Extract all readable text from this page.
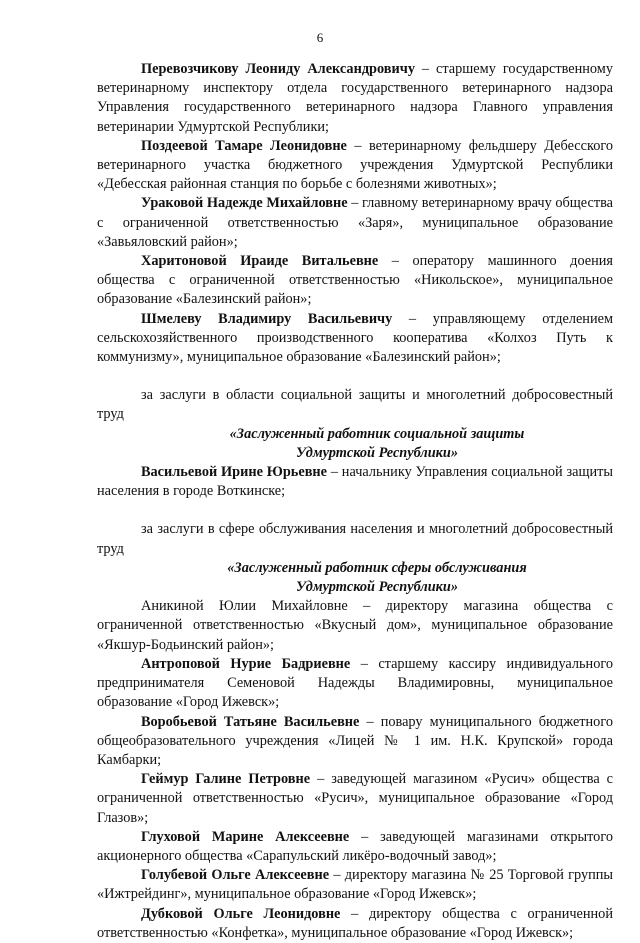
6

Перевозчикову Леониду Александровичу – старшему государственному ветеринарному инспектору отдела государственного ветеринарного надзора Управления государственного ветеринарного надзора Главного управления ветеринарии Удмуртской Республики;

Поздеевой Тамаре Леонидовне – ветеринарному фельдшеру Дебесского ветеринарного участка бюджетного учреждения Удмуртской Республики «Дебесская районная станция по борьбе с болезнями животных»;

Ураковой Надежде Михайловне – главному ветеринарному врачу общества с ограниченной ответственностью «Заря», муниципальное образование «Завьяловский район»;

Харитоновой Ираиде Витальевне – оператору машинного доения общества с ограниченной ответственностью «Никольское», муниципальное образование «Балезинский район»;

Шмелеву Владимиру Васильевичу – управляющему отделением сельскохозяйственного производственного кооператива «Колхоз Путь к коммунизму», муниципальное образование «Балезинский район»;

за заслуги в области социальной защиты и многолетний добросовестный труд

«Заслуженный работник социальной защиты
Удмуртской Республики»

Васильевой Ирине Юрьевне – начальнику Управления социальной защиты населения в городе Воткинске;

за заслуги в сфере обслуживания населения и многолетний добросовестный труд

«Заслуженный работник сферы обслуживания
Удмуртской Республики»

Аникиной Юлии Михайловне – директору магазина общества с ограниченной ответственностью «Вкусный дом», муниципальное образование «Якшур-Бодьинский район»;

Антроповой Нурие Бадриевне – старшему кассиру индивидуального предпринимателя Семеновой Надежды Владимировны, муниципальное образование «Город Ижевск»;

Воробьевой Татьяне Васильевне – повару муниципального бюджетного общеобразовательного учреждения «Лицей № 1 им. Н.К. Крупской» города Камбарки;

Геймур Галине Петровне – заведующей магазином «Русич» общества с ограниченной ответственностью «Русич», муниципальное образование «Город Глазов»;

Глуховой Марине Алексеевне – заведующей магазинами открытого акционерного общества «Сарапульский ликёро-водочный завод»;

Голубевой Ольге Алексеевне – директору магазина № 25 Торговой группы «Ижтрейдинг», муниципальное образование «Город Ижевск»;

Дубковой Ольге Леонидовне – директору общества с ограниченной ответственностью «Конфетка», муниципальное образование «Город Ижевск»;
